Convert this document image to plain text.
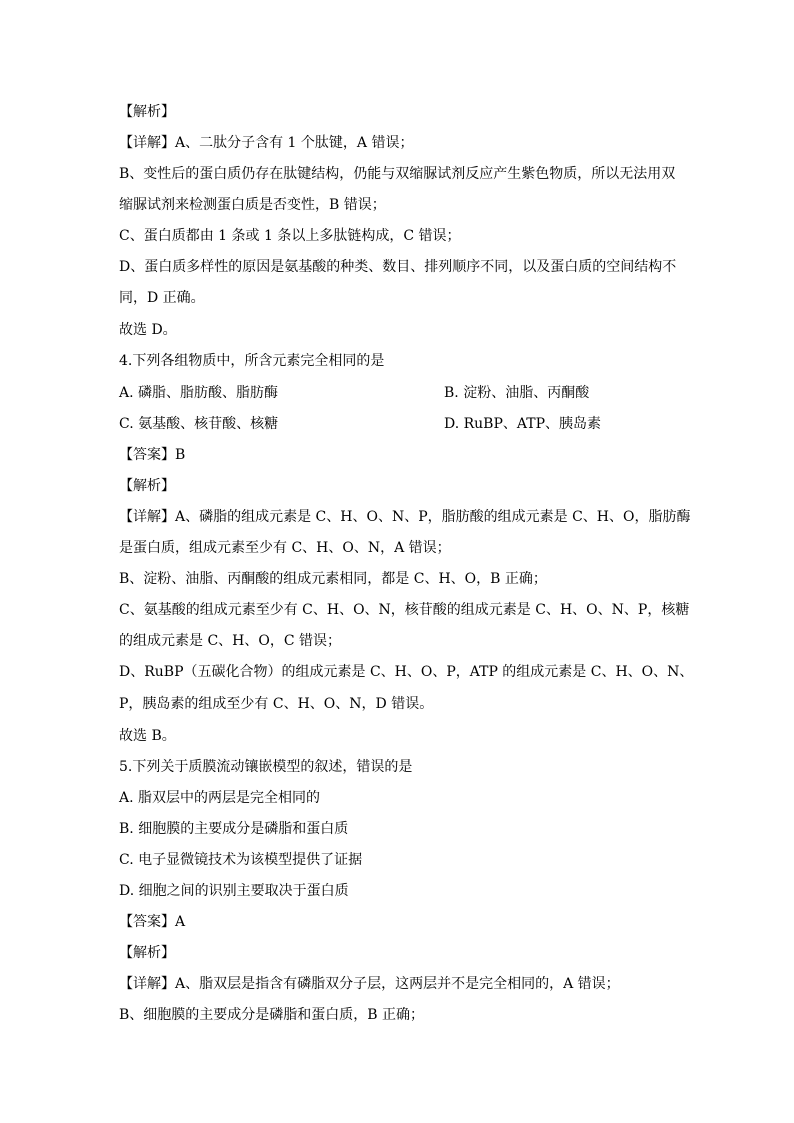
【解析】
【详解】A、二肽分子含有 1 个肽键，A 错误；
B、变性后的蛋白质仍存在肽键结构，仍能与双缩脲试剂反应产生紫色物质，所以无法用双
缩脲试剂来检测蛋白质是否变性，B 错误；
C、蛋白质都由 1 条或 1 条以上多肽链构成，C 错误；
D、蛋白质多样性的原因是氨基酸的种类、数目、排列顺序不同，以及蛋白质的空间结构不
同，D 正确。
故选 D。
4.下列各组物质中，所含元素完全相同的是
A. 磷脂、脂肪酸、脂肪酶	B. 淀粉、油脂、丙酮酸
C. 氨基酸、核苷酸、核糖	D. RuBP、ATP、胰岛素
【答案】B
【解析】
【详解】A、磷脂的组成元素是 C、H、O、N、P，脂肪酸的组成元素是 C、H、O，脂肪酶
是蛋白质，组成元素至少有 C、H、O、N，A 错误；
B、淀粉、油脂、丙酮酸的组成元素相同，都是 C、H、O，B 正确；
C、氨基酸的组成元素至少有 C、H、O、N，核苷酸的组成元素是 C、H、O、N、P，核糖
的组成元素是 C、H、O，C 错误；
D、RuBP（五碳化合物）的组成元素是 C、H、O、P，ATP 的组成元素是 C、H、O、N、
P，胰岛素的组成至少有 C、H、O、N，D 错误。
故选 B。
5.下列关于质膜流动镶嵌模型的叙述，错误的是
A. 脂双层中的两层是完全相同的
B. 细胞膜的主要成分是磷脂和蛋白质
C. 电子显微镜技术为该模型提供了证据
D. 细胞之间的识别主要取决于蛋白质
【答案】A
【解析】
【详解】A、脂双层是指含有磷脂双分子层，这两层并不是完全相同的，A 错误；
B、细胞膜的主要成分是磷脂和蛋白质，B 正确；
